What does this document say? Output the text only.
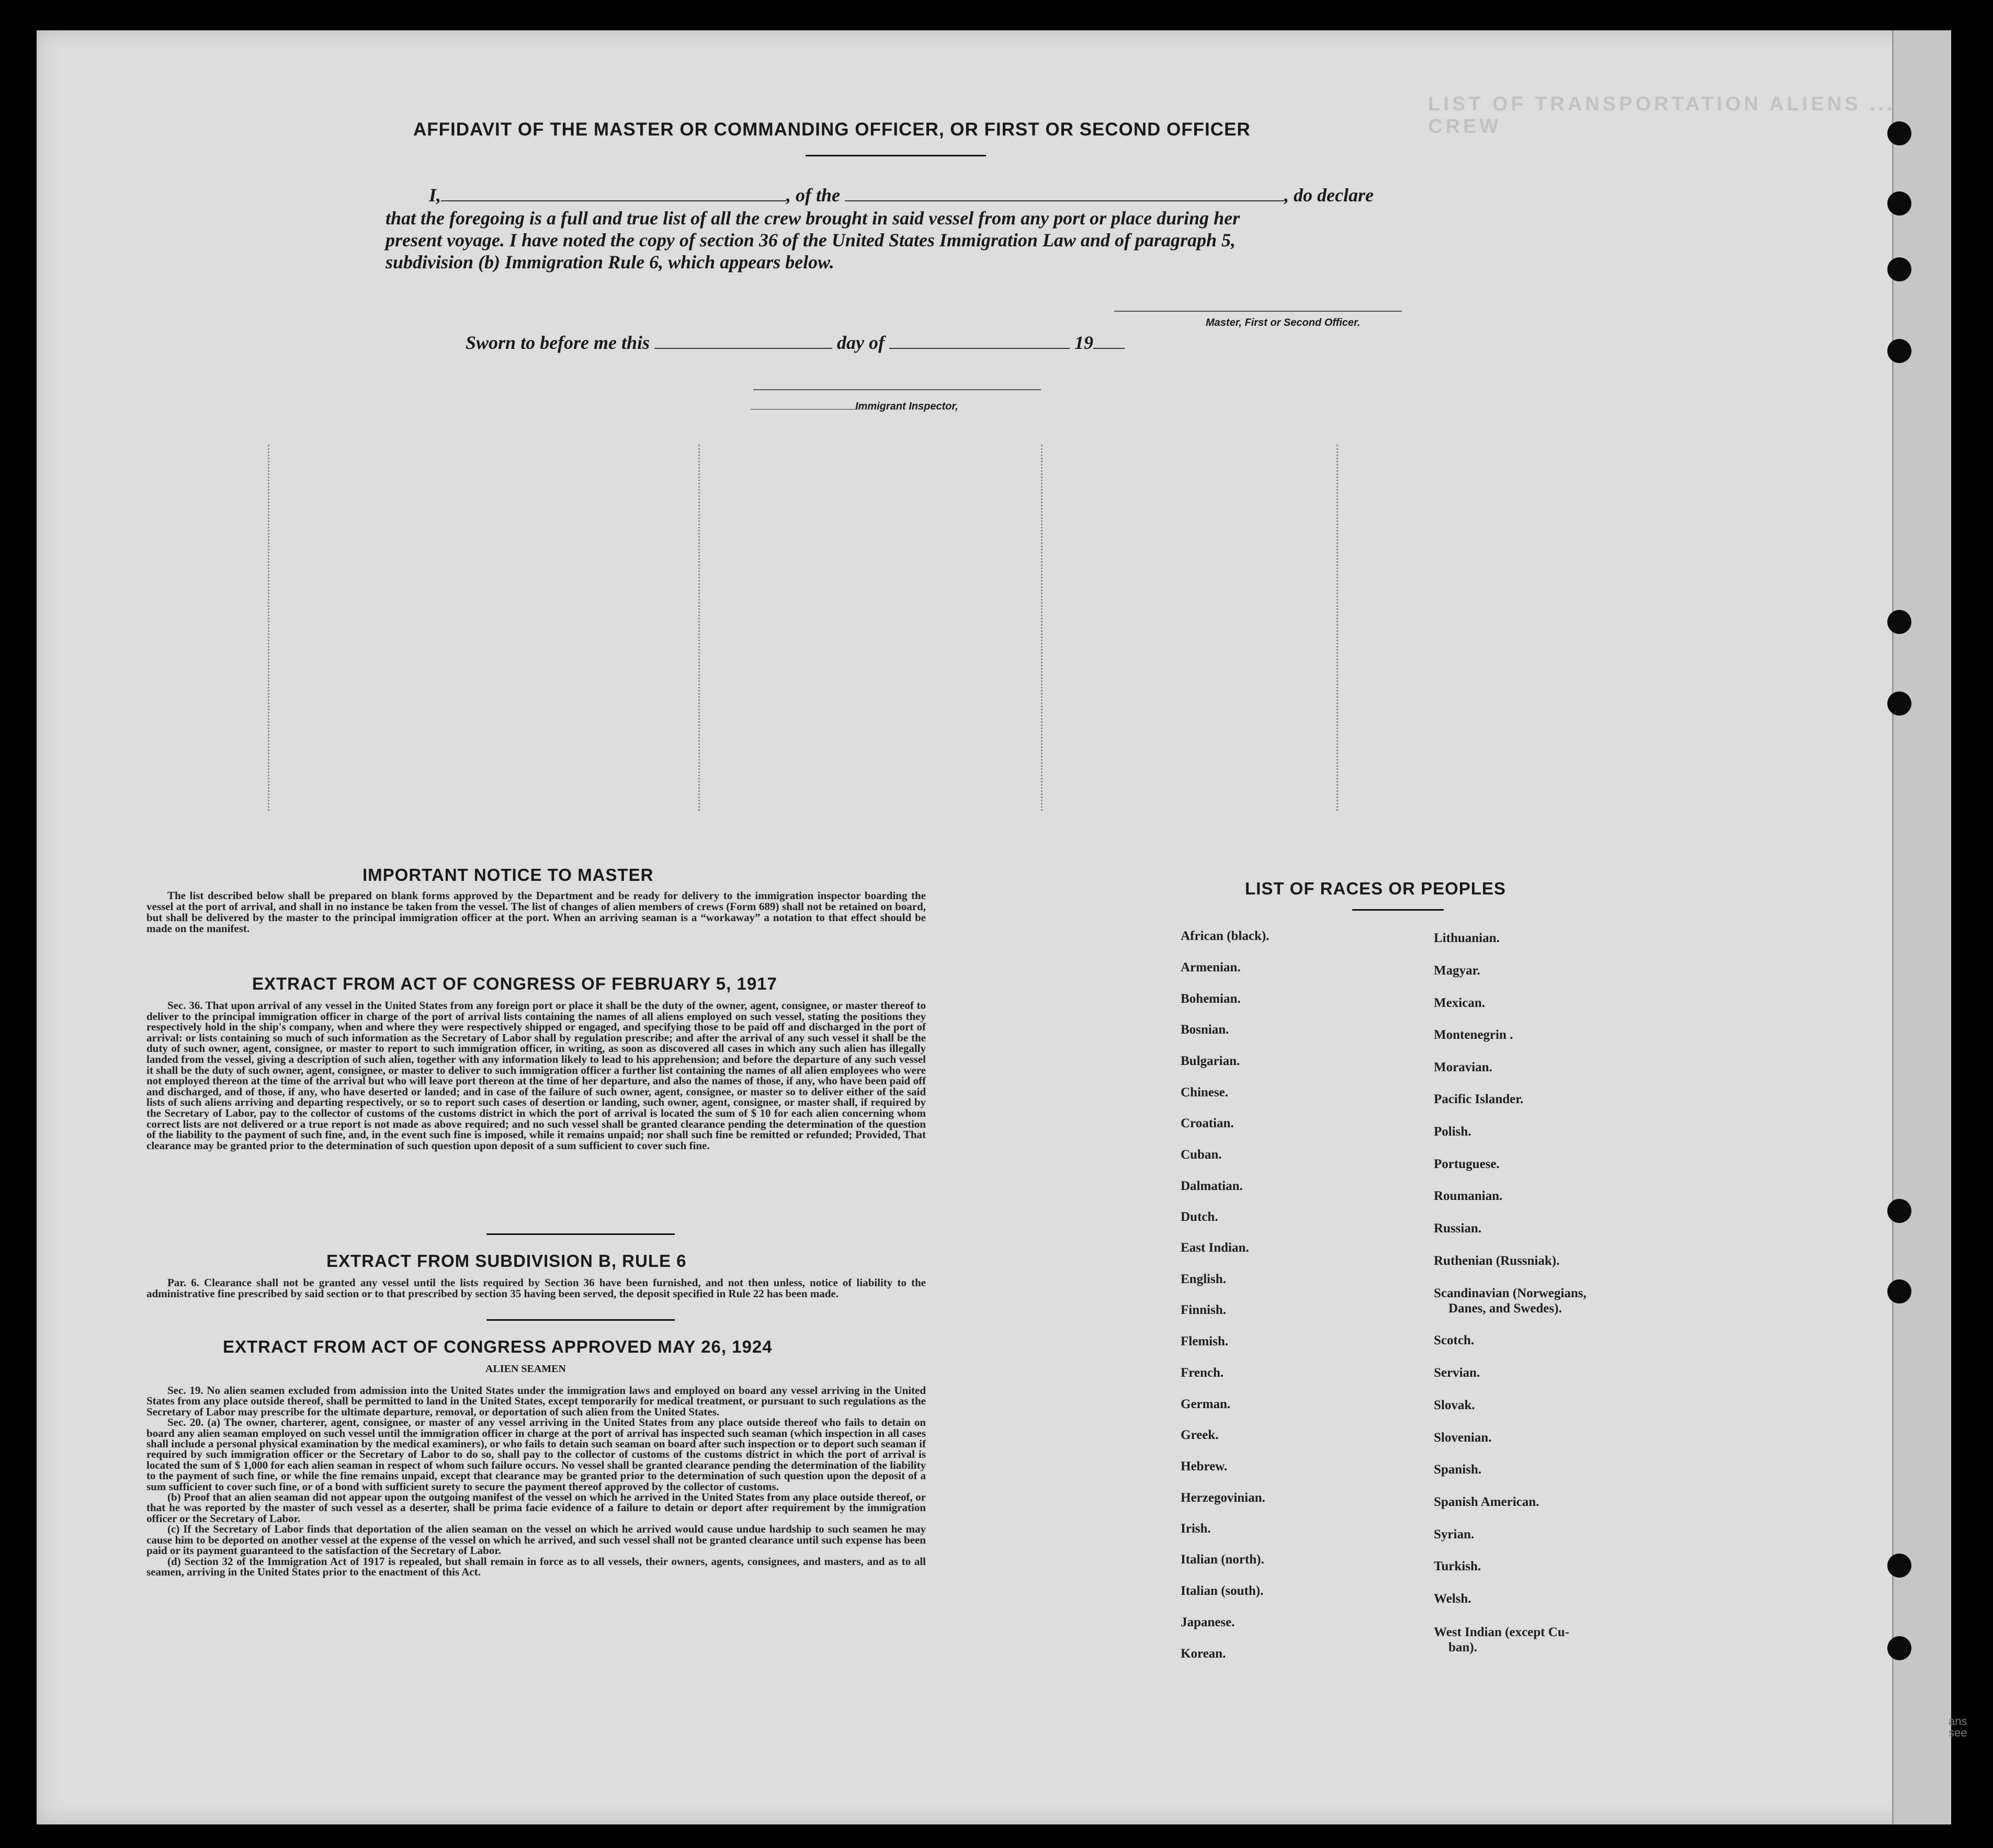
LIST OF TRANSPORTATION ALIENS ... CREW
AFFIDAVIT OF THE MASTER OR COMMANDING OFFICER, OR FIRST OR SECOND OFFICER
I,	, of the	, do declare
that the foregoing is a full and true list of all the crew brought in said vessel from any port or place during her
present voyage. I have noted the copy of section 36 of the United States Immigration Law and of paragraph 5,
subdivision (b) Immigration Rule 6, which appears below.
Master, First or Second Officer.
Sworn to before me this	day of	19
Immigrant Inspector,
IMPORTANT NOTICE TO MASTER

The list described below shall be prepared on blank forms approved by the Department and be ready for delivery to the immigration inspector boarding the vessel at the port of arrival, and shall in no instance be taken from the vessel. The list of changes of alien members of crews (Form 689) shall not be retained on board, but shall be delivered by the master to the principal immigration officer at the port. When an arriving seaman is a “workaway” a notation to that effect should be made on the manifest.

EXTRACT FROM ACT OF CONGRESS OF FEBRUARY 5, 1917

Sec. 36. That upon arrival of any vessel in the United States from any foreign port or place it shall be the duty of the owner, agent, consignee, or master thereof to deliver to the principal immigration officer in charge of the port of arrival lists containing the names of all aliens employed on such vessel, stating the positions they respectively hold in the ship's company, when and where they were respectively shipped or engaged, and specifying those to be paid off and discharged in the port of arrival: or lists containing so much of such information as the Secretary of Labor shall by regulation prescribe; and after the arrival of any such vessel it shall be the duty of such owner, agent, consignee, or master to report to such immigration officer, in writing, as soon as discovered all cases in which any such alien has illegally landed from the vessel, giving a description of such alien, together with any information likely to lead to his apprehension; and before the departure of any such vessel it shall be the duty of such owner, agent, consignee, or master to deliver to such immigration officer a further list containing the names of all alien employees who were not employed thereon at the time of the arrival but who will leave port thereon at the time of her departure, and also the names of those, if any, who have been paid off and discharged, and of those, if any, who have deserted or landed; and in case of the failure of such owner, agent, consignee, or master so to deliver either of the said lists of such aliens arriving and departing respectively, or so to report such cases of desertion or landing, such owner, agent, consignee, or master shall, if required by the Secretary of Labor, pay to the collector of customs of the customs district in which the port of arrival is located the sum of $ 10 for each alien concerning whom correct lists are not delivered or a true report is not made as above required; and no such vessel shall be granted clearance pending the determination of the question of the liability to the payment of such fine, and, in the event such fine is imposed, while it remains unpaid; nor shall such fine be remitted or refunded; Provided, That clearance may be granted prior to the determination of such question upon deposit of a sum sufficient to cover such fine.

EXTRACT FROM SUBDIVISION B, RULE 6

Par. 6. Clearance shall not be granted any vessel until the lists required by Section 36 have been furnished, and not then unless, notice of liability to the administrative fine prescribed by said section or to that prescribed by section 35 having been served, the deposit specified in Rule 22 has been made.

EXTRACT FROM ACT OF CONGRESS APPROVED MAY 26, 1924
ALIEN SEAMEN

Sec. 19. No alien seamen excluded from admission into the United States under the immigration laws and employed on board any vessel arriving in the United States from any place outside thereof, shall be permitted to land in the United States, except temporarily for medical treatment, or pursuant to such regulations as the Secretary of Labor may prescribe for the ultimate departure, removal, or deportation of such alien from the United States.

Sec. 20. (a) The owner, charterer, agent, consignee, or master of any vessel arriving in the United States from any place outside thereof who fails to detain on board any alien seaman employed on such vessel until the immigration officer in charge at the port of arrival has inspected such seaman (which inspection in all cases shall include a personal physical examination by the medical examiners), or who fails to detain such seaman on board after such inspection or to deport such seaman if required by such immigration officer or the Secretary of Labor to do so, shall pay to the collector of customs of the customs district in which the port of arrival is located the sum of $ 1,000 for each alien seaman in respect of whom such failure occurs. No vessel shall be granted clearance pending the determination of the liability to the payment of such fine, or while the fine remains unpaid, except that clearance may be granted prior to the determination of such question upon the deposit of a sum sufficient to cover such fine, or of a bond with sufficient surety to secure the payment thereof approved by the collector of customs.

(b) Proof that an alien seaman did not appear upon the outgoing manifest of the vessel on which he arrived in the United States from any place outside thereof, or that he was reported by the master of such vessel as a deserter, shall be prima facie evidence of a failure to detain or deport after requirement by the immigration officer or the Secretary of Labor.

(c) If the Secretary of Labor finds that deportation of the alien seaman on the vessel on which he arrived would cause undue hardship to such seamen he may cause him to be deported on another vessel at the expense of the vessel on which he arrived, and such vessel shall not be granted clearance until such expense has been paid or its payment guaranteed to the satisfaction of the Secretary of Labor.

(d) Section 32 of the Immigration Act of 1917 is repealed, but shall remain in force as to all vessels, their owners, agents, consignees, and masters, and as to all seamen, arriving in the United States prior to the enactment of this Act.

LIST OF RACES OR PEOPLES
African (black).
Armenian.
Bohemian.
Bosnian.
Bulgarian.
Chinese.
Croatian.
Cuban.
Dalmatian.
Dutch.
East Indian.
English.
Finnish.
Flemish.
French.
German.
Greek.
Hebrew.
Herzegovinian.
Irish.
Italian (north).
Italian (south).
Japanese.
Korean.
Lithuanian.
Magyar.
Mexican.
Montenegrin .
Moravian.
Pacific Islander.
Polish.
Portuguese.
Roumanian.
Russian.
Ruthenian (Russniak).
Scandinavian (Norwegians,
Danes, and Swedes).
Scotch.
Servian.
Slovak.
Slovenian.
Spanish.
Spanish American.
Syrian.
Turkish.
Welsh.
West Indian (except Cu-
ban).
ans
see
